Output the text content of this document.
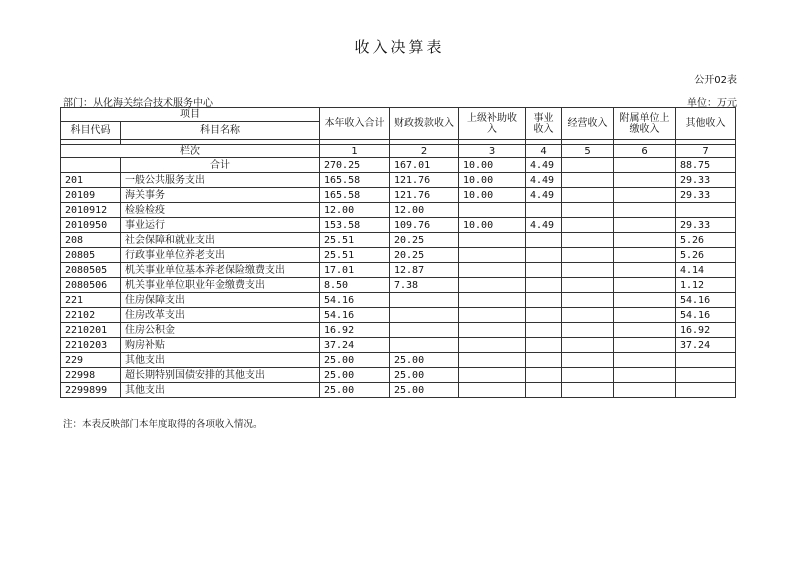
收入决算表
公开02表
部门：从化海关综合技术服务中心	单位：万元
项目		本年收入合计	财政拨款收入	上级补助收入	事业收入	经营收入	附属单位上缴收入	其他收入
科目代码	科目名称							

栏次		1	2	3	4	5	6	7
	合计	270.25	167.01	10.00	4.49			88.75
201	一般公共服务支出	165.58	121.76	10.00	4.49			29.33
20109	海关事务	165.58	121.76	10.00	4.49			29.33
2010912	检验检疫	12.00	12.00					
2010950	事业运行	153.58	109.76	10.00	4.49			29.33
208	社会保障和就业支出	25.51	20.25					5.26
20805	行政事业单位养老支出	25.51	20.25					5.26
2080505	机关事业单位基本养老保险缴费支出	17.01	12.87					4.14
2080506	机关事业单位职业年金缴费支出	8.50	7.38					1.12
221	住房保障支出	54.16						54.16
22102	住房改革支出	54.16						54.16
2210201	住房公积金	16.92						16.92
2210203	购房补贴	37.24						37.24
229	其他支出	25.00	25.00					
22998	超长期特别国债安排的其他支出	25.00	25.00					
2299899	其他支出	25.00	25.00					
注：本表反映部门本年度取得的各项收入情况。
